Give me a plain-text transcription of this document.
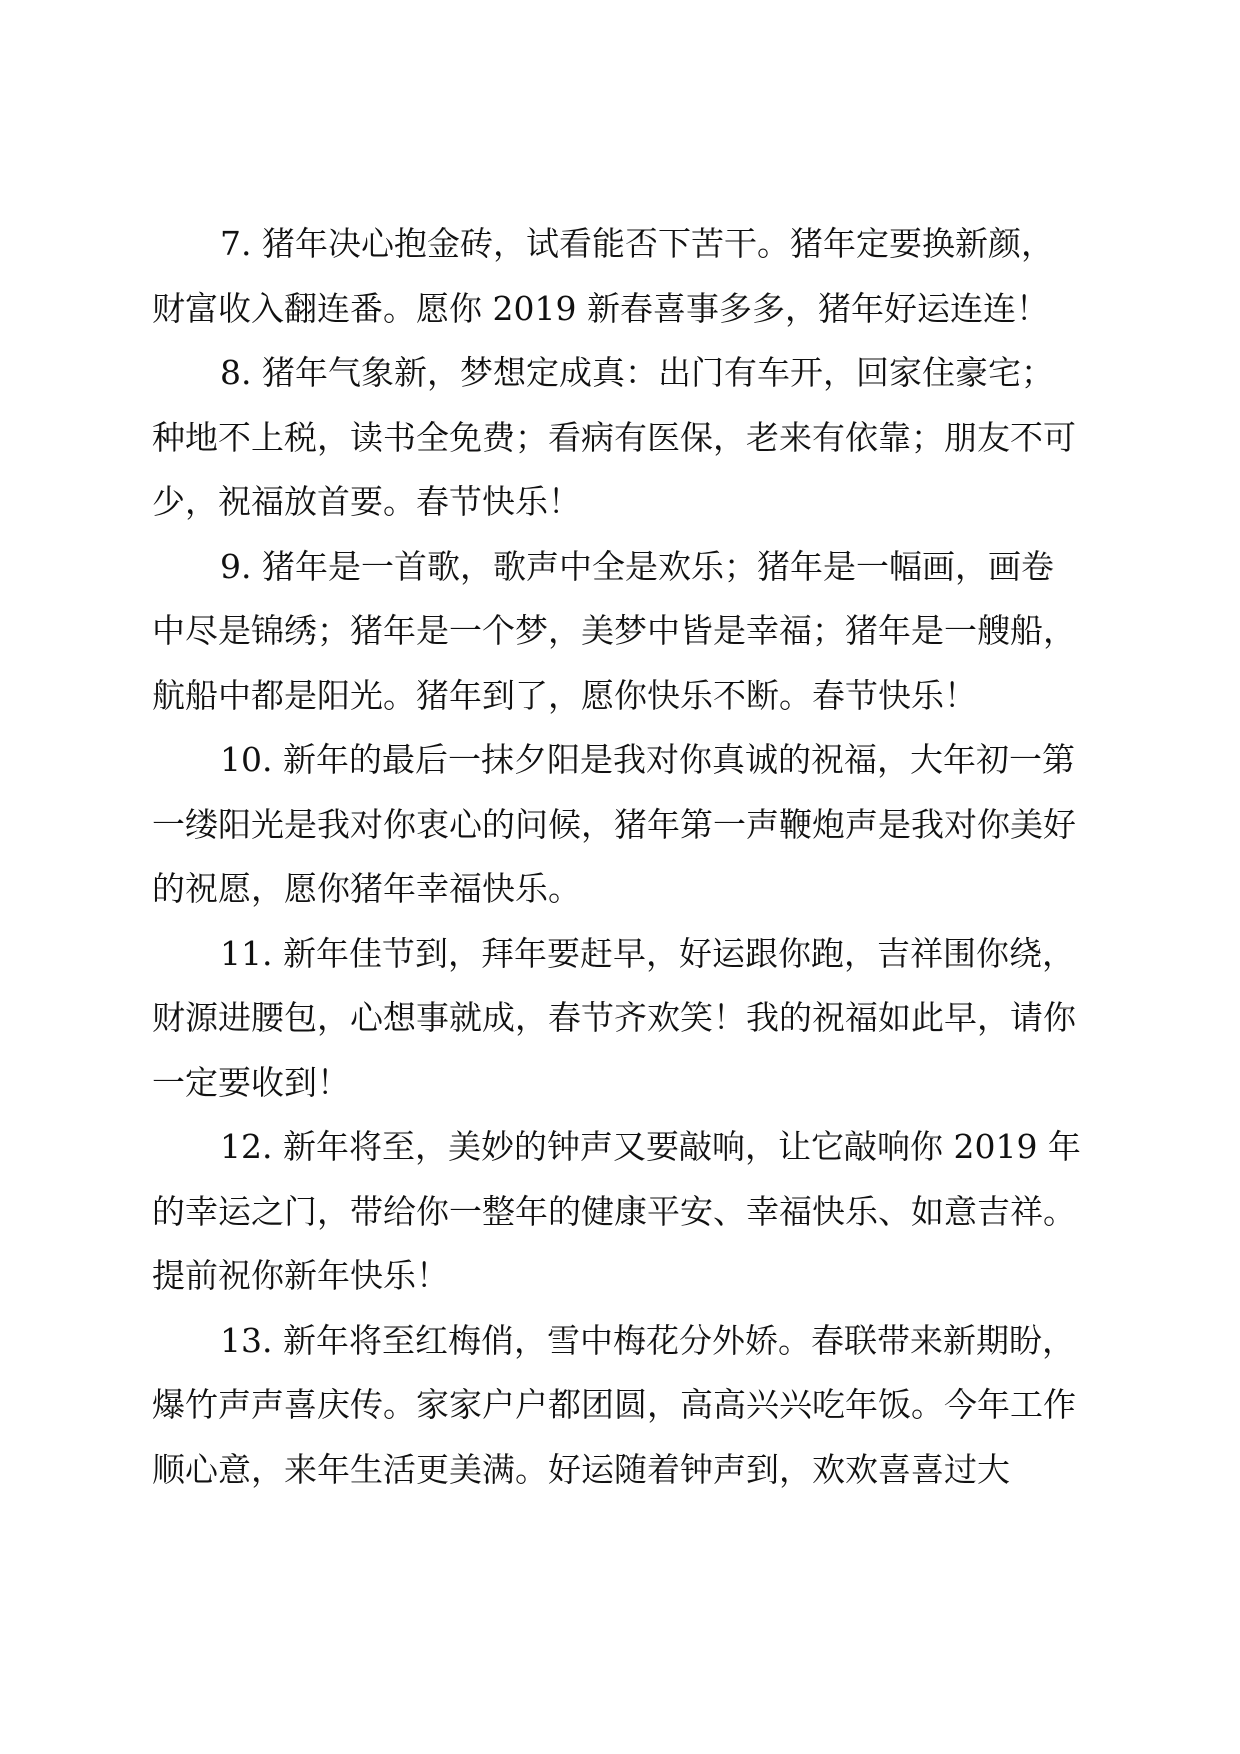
7. 猪年决心抱金砖，试看能否下苦干。猪年定要换新颜，财富收入翻连番。愿你 2019 新春喜事多多，猪年好运连连！

8. 猪年气象新，梦想定成真：出门有车开，回家住豪宅；种地不上税，读书全免费；看病有医保，老来有依靠；朋友不可少，祝福放首要。春节快乐！

9. 猪年是一首歌，歌声中全是欢乐；猪年是一幅画，画卷中尽是锦绣；猪年是一个梦，美梦中皆是幸福；猪年是一艘船，航船中都是阳光。猪年到了，愿你快乐不断。春节快乐！

10. 新年的最后一抹夕阳是我对你真诚的祝福，大年初一第一缕阳光是我对你衷心的问候，猪年第一声鞭炮声是我对你美好的祝愿，愿你猪年幸福快乐。

11. 新年佳节到，拜年要赶早，好运跟你跑，吉祥围你绕，财源进腰包，心想事就成，春节齐欢笑！我的祝福如此早，请你一定要收到！

12. 新年将至，美妙的钟声又要敲响，让它敲响你 2019 年的幸运之门，带给你一整年的健康平安、幸福快乐、如意吉祥。提前祝你新年快乐！

13. 新年将至红梅俏，雪中梅花分外娇。春联带来新期盼，爆竹声声喜庆传。家家户户都团圆，高高兴兴吃年饭。今年工作顺心意，来年生活更美满。好运随着钟声到，欢欢喜喜过大
